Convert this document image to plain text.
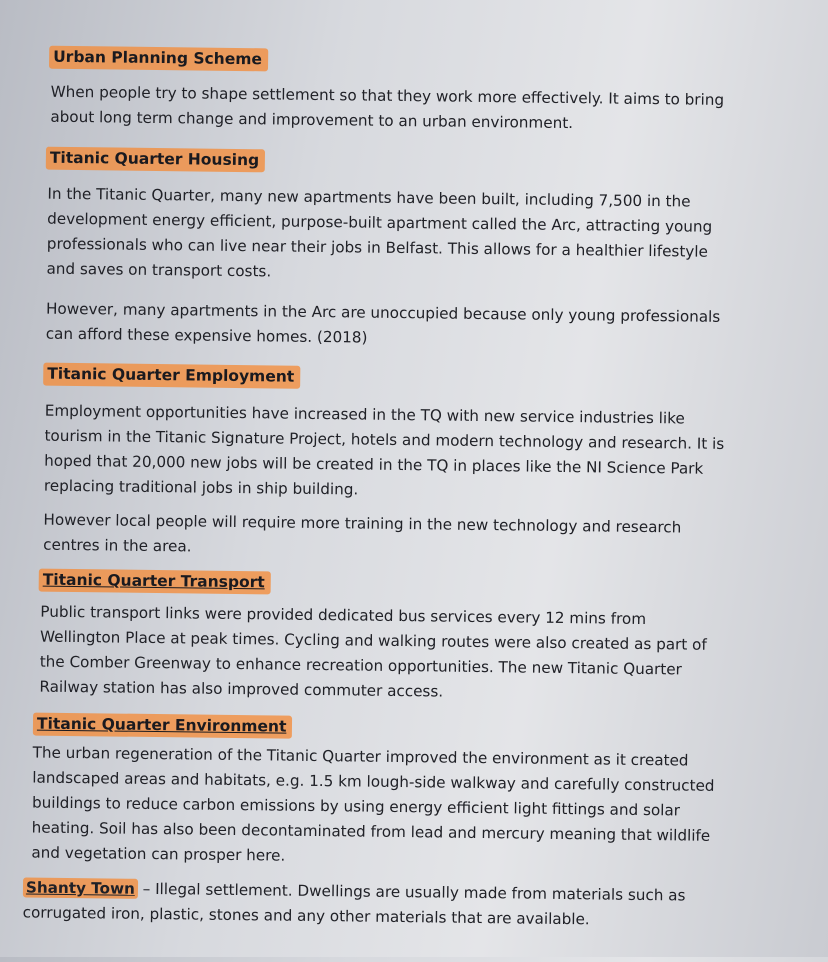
Urban Planning Scheme
When people try to shape settlement so that they work more effectively. It aims to bring
about long term change and improvement to an urban environment.
Titanic Quarter Housing
In the Titanic Quarter, many new apartments have been built, including 7,500 in the
development energy efficient, purpose-built apartment called the Arc, attracting young
professionals who can live near their jobs in Belfast. This allows for a healthier lifestyle
and saves on transport costs.
However, many apartments in the Arc are unoccupied because only young professionals
can afford these expensive homes. (2018)
Titanic Quarter Employment
Employment opportunities have increased in the TQ with new service industries like
tourism in the Titanic Signature Project, hotels and modern technology and research. It is
hoped that 20,000 new jobs will be created in the TQ in places like the NI Science Park
replacing traditional jobs in ship building.
However local people will require more training in the new technology and research
centres in the area.
Titanic Quarter Transport
Public transport links were provided dedicated bus services every 12 mins from
Wellington Place at peak times. Cycling and walking routes were also created as part of
the Comber Greenway to enhance recreation opportunities. The new Titanic Quarter
Railway station has also improved commuter access.
Titanic Quarter Environment
The urban regeneration of the Titanic Quarter improved the environment as it created
landscaped areas and habitats, e.g. 1.5 km lough-side walkway and carefully constructed
buildings to reduce carbon emissions by using energy efficient light fittings and solar
heating. Soil has also been decontaminated from lead and mercury meaning that wildlife
and vegetation can prosper here.
Shanty Town – Illegal settlement. Dwellings are usually made from materials such as
corrugated iron, plastic, stones and any other materials that are available.
